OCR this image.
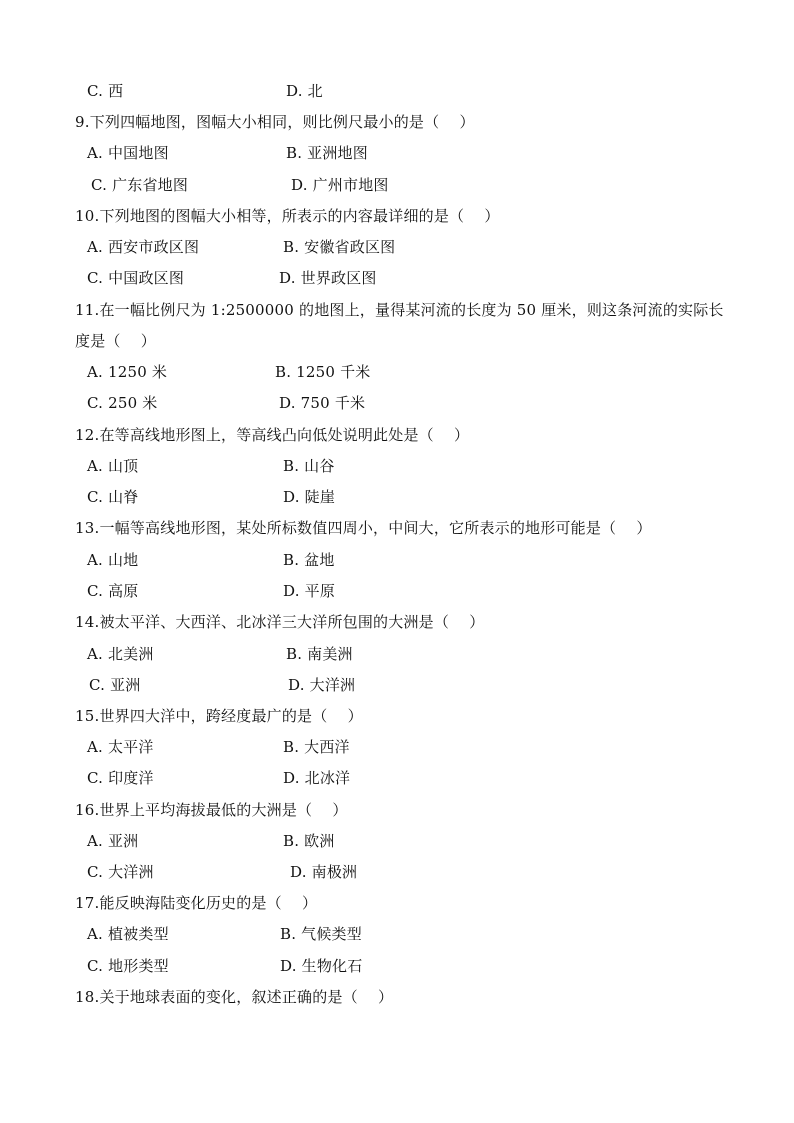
C. 西	D. 北
9.下列四幅地图，图幅大小相同，则比例尺最小的是（　 ）
A. 中国地图	B. 亚洲地图
C. 广东省地图	D. 广州市地图
10.下列地图的图幅大小相等，所表示的内容最详细的是（　 ）
A. 西安市政区图	B. 安徽省政区图
C. 中国政区图	D. 世界政区图
11.在一幅比例尺为 1:2500000 的地图上，量得某河流的长度为 50 厘米，则这条河流的实际长
度是（　 ）
A. 1250 米	B. 1250 千米
C. 250 米	D. 750 千米
12.在等高线地形图上，等高线凸向低处说明此处是（　 ）
A. 山顶	B. 山谷
C. 山脊	D. 陡崖
13.一幅等高线地形图，某处所标数值四周小，中间大，它所表示的地形可能是（　 ）
A. 山地	B. 盆地
C. 高原	D. 平原
14.被太平洋、大西洋、北冰洋三大洋所包围的大洲是（　 ）
A. 北美洲	B. 南美洲
C. 亚洲	D. 大洋洲
15.世界四大洋中，跨经度最广的是（　 ）
A. 太平洋	B. 大西洋
C. 印度洋	D. 北冰洋
16.世界上平均海拔最低的大洲是（　 ）
A. 亚洲	B. 欧洲
C. 大洋洲	D. 南极洲
17.能反映海陆变化历史的是（　 ）
A. 植被类型	B. 气候类型
C. 地形类型	D. 生物化石
18.关于地球表面的变化，叙述正确的是（　 ）
